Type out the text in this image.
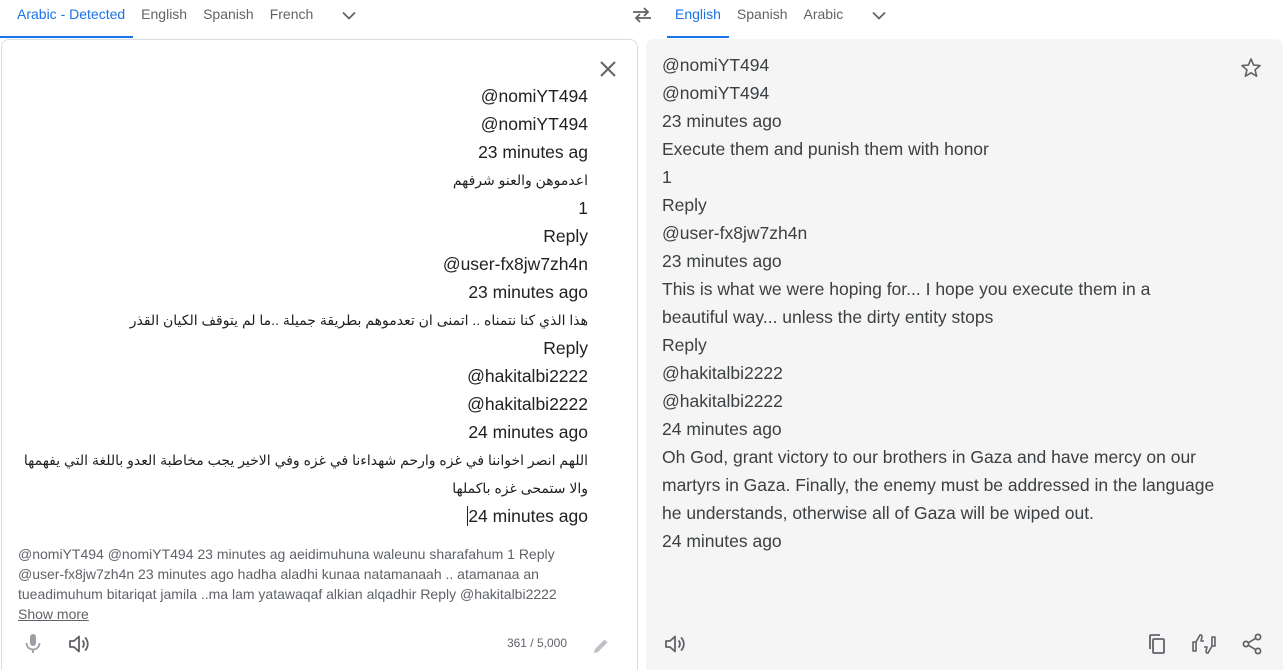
Arabic - Detected	English	Spanish	French	English	Spanish	Arabic
@nomiYT494
@nomiYT494
23 minutes ag
اعدموهن والعنو شرفهم
1
Reply
@user-fx8jw7zh4n
23 minutes ago
هذا الذي كنا نتمناه .. اتمنى ان تعدموهم بطريقة جميلة ..ما لم يتوقف الكيان القذر
Reply
@hakitalbi2222
@hakitalbi2222
24 minutes ago
اللهم انصر اخواننا في غزه وارحم شهداءنا في غزه وفي الاخير يجب مخاطبة العدو باللغة التي يفهمها والا ستمحى غزه باكملها
24 minutes ago
@nomiYT494 @nomiYT494 23 minutes ag aeidimuhuna waleunu sharafahum 1 Reply @user-fx8jw7zh4n 23 minutes ago hadha aladhi kunaa natamanaah .. atamanaa an tueadimuhum bitariqat jamila ..ma lam yatawaqaf alkian alqadhir Reply @hakitalbi2222
Show more
361 / 5,000
@nomiYT494
@nomiYT494
23 minutes ago
Execute them and punish them with honor
1
Reply
@user-fx8jw7zh4n
23 minutes ago
This is what we were hoping for... I hope you execute them in a
beautiful way... unless the dirty entity stops
Reply
@hakitalbi2222
@hakitalbi2222
24 minutes ago
Oh God, grant victory to our brothers in Gaza and have mercy on our
martyrs in Gaza. Finally, the enemy must be addressed in the language
he understands, otherwise all of Gaza will be wiped out.
24 minutes ago
